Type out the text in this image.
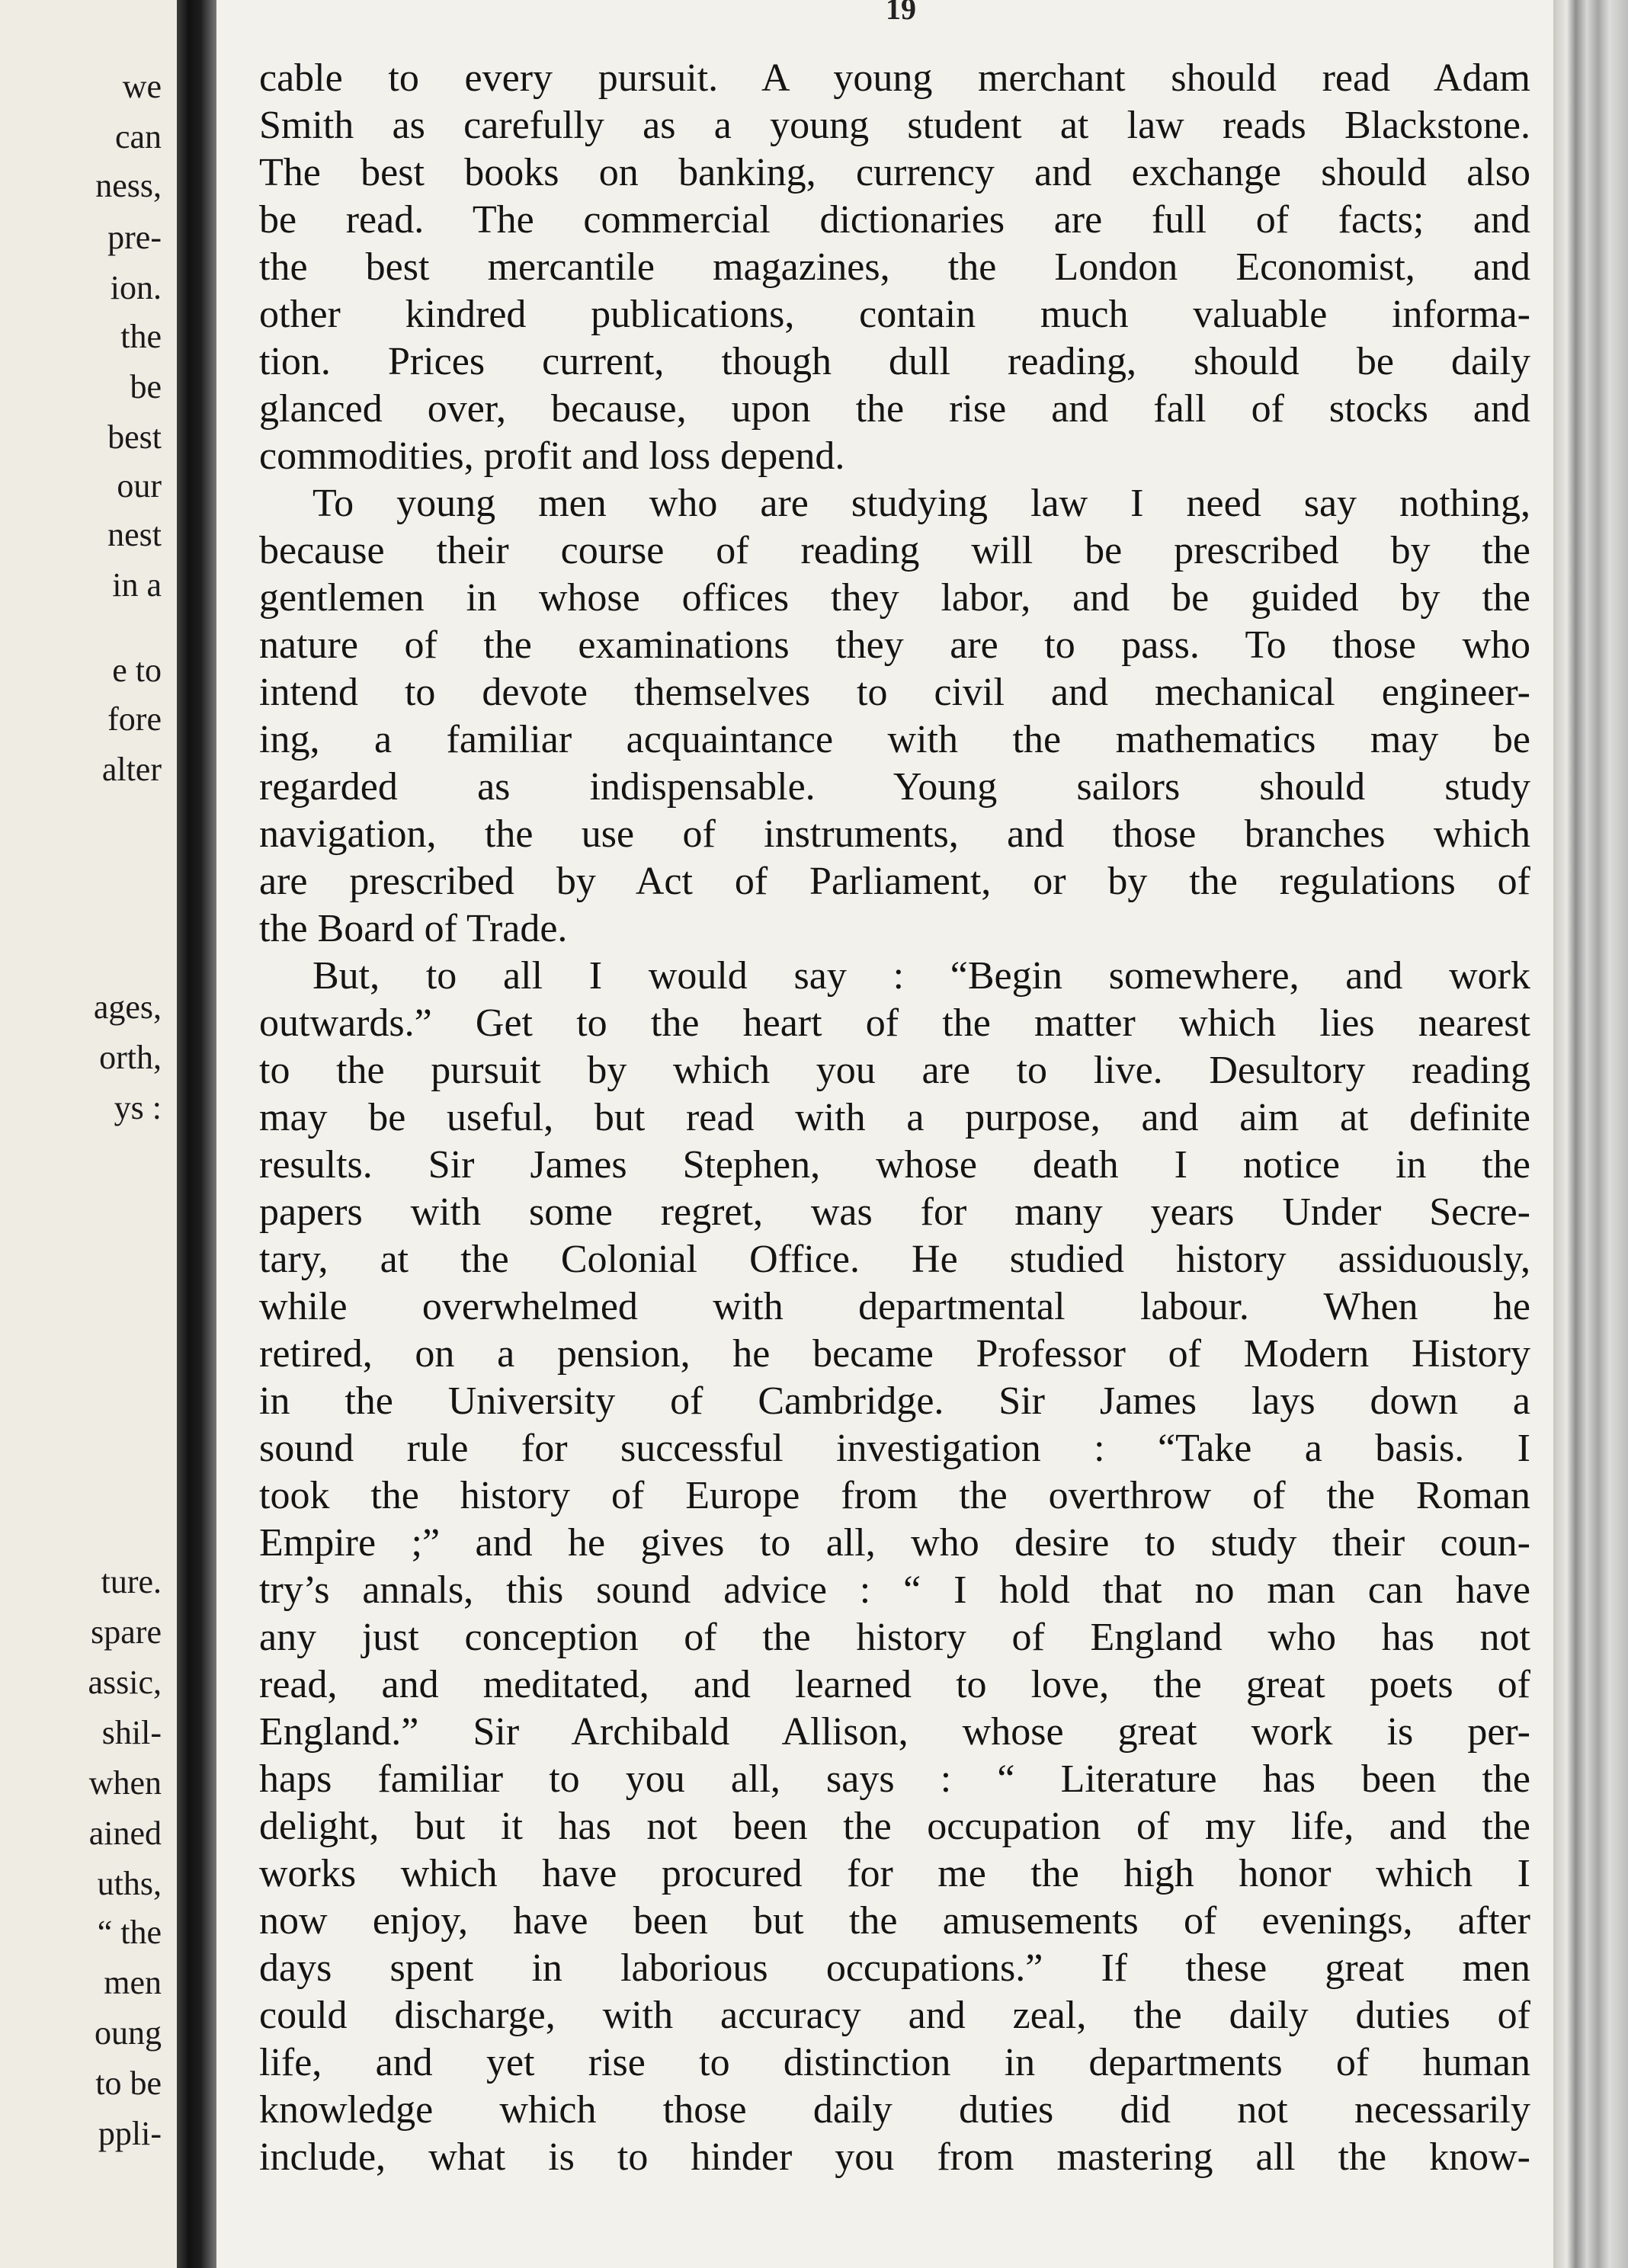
we
can
ness,
pre-
ion.
the
be
best
our
nest
in a
e to
fore
alter
ages,
orth,
ys :
ture.
spare
assic,
shil-
when
ained
uths,
“ the
men
oung
to be
ppli-
19
cable to every pursuit. A young merchant should read Adam
Smith as carefully as a young student at law reads Blackstone.
The best books on banking, currency and exchange should also
be read. The commercial dictionaries are full of facts; and
the best mercantile magazines, the London Economist, and
other kindred publications, contain much valuable informa-
tion. Prices current, though dull reading, should be daily
glanced over, because, upon the rise and fall of stocks and
commodities, profit and loss depend.
To young men who are studying law I need say nothing,
because their course of reading will be prescribed by the
gentlemen in whose offices they labor, and be guided by the
nature of the examinations they are to pass. To those who
intend to devote themselves to civil and mechanical engineer-
ing, a familiar acquaintance with the mathematics may be
regarded as indispensable. Young sailors should study
navigation, the use of instruments, and those branches which
are prescribed by Act of Parliament, or by the regulations of
the Board of Trade.
But, to all I would say : “Begin somewhere, and work
outwards.” Get to the heart of the matter which lies nearest
to the pursuit by which you are to live. Desultory reading
may be useful, but read with a purpose, and aim at definite
results. Sir James Stephen, whose death I notice in the
papers with some regret, was for many years Under Secre-
tary, at the Colonial Office. He studied history assiduously,
while overwhelmed with departmental labour. When he
retired, on a pension, he became Professor of Modern History
in the University of Cambridge. Sir James lays down a
sound rule for successful investigation : “Take a basis. I
took the history of Europe from the overthrow of the Roman
Empire ;” and he gives to all, who desire to study their coun-
try’s annals, this sound advice : “ I hold that no man can have
any just conception of the history of England who has not
read, and meditated, and learned to love, the great poets of
England.” Sir Archibald Allison, whose great work is per-
haps familiar to you all, says : “ Literature has been the
delight, but it has not been the occupation of my life, and the
works which have procured for me the high honor which I
now enjoy, have been but the amusements of evenings, after
days spent in laborious occupations.” If these great men
could discharge, with accuracy and zeal, the daily duties of
life, and yet rise to distinction in departments of human
knowledge which those daily duties did not necessarily
include, what is to hinder you from mastering all the know-
